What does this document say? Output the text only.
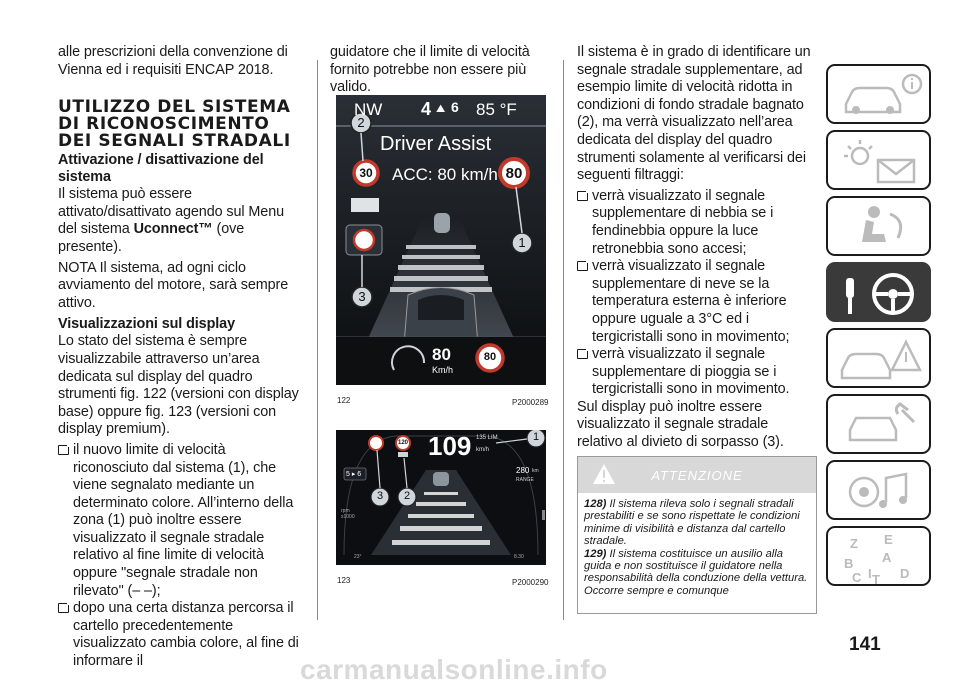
alle prescrizioni della convenzione di Vienna ed i requisiti ENCAP 2018.

UTILIZZO DEL SISTEMA DI RICONOSCIMENTO DEI SEGNALI STRADALI
Attivazione / disattivazione del sistema

Il sistema può essere attivato/disattivato agendo sul Menu del sistema Uconnect™ (ove presente).

NOTA Il sistema, ad ogni ciclo avviamento del motore, sarà sempre attivo.

Visualizzazioni sul display

Lo stato del sistema è sempre visualizzabile attraverso un’area dedicata sul display del quadro strumenti fig. 122 (versioni con display base) oppure fig. 123 (versioni con display premium).

il nuovo limite di velocità riconosciuto dal sistema (1), che viene segnalato mediante un determinato colore. All’interno della zona (1) può inoltre essere visualizzato il segnale stradale relativo al fine limite di velocità oppure "segnale stradale non rilevato" (– –);
dopo una certa distanza percorsa il cartello precedentemente visualizzato cambia colore, al fine di informare il

guidatore che il limite di velocità fornito potrebbe non essere più valido.

NW 4 ⛰ 6 85 °F
Driver Assist
ACC: 80 km/h
30	80
80
Km/h
80
2
1
3
122	P2000289
5 ▸ 6
120 109 135 LIM
km/h
280 km
RANGE
rpm x1000
23°	8.30
1
3	2
123	P2000290

Il sistema è in grado di identificare un segnale stradale supplementare, ad esempio limite di velocità ridotta in condizioni di fondo stradale bagnato (2), ma verrà visualizzato nell’area dedicata del display del quadro strumenti solamente al verificarsi dei seguenti filtraggi:

verrà visualizzato il segnale supplementare di nebbia se i fendinebbia oppure la luce retronebbia sono accesi;
verrà visualizzato il segnale supplementare di neve se la temperatura esterna è inferiore oppure uguale a 3°C ed i tergicristalli sono in movimento;
verrà visualizzato il segnale supplementare di pioggia se i tergicristalli sono in movimento.

Sul display può inoltre essere visualizzato il segnale stradale relativo al divieto di sorpasso (3).

ATTENZIONE

128) Il sistema rileva solo i segnali stradali prestabiliti e se sono rispettate le condizioni minime di visibilità e distanza dal cartello stradale.

129) Il sistema costituisce un ausilio alla guida e non sostituisce il guidatore nella responsabilità della conduzione della vettura. Occorre sempre e comunque

141
carmanualsonline.info
Z E
A
B
C	D
I T
